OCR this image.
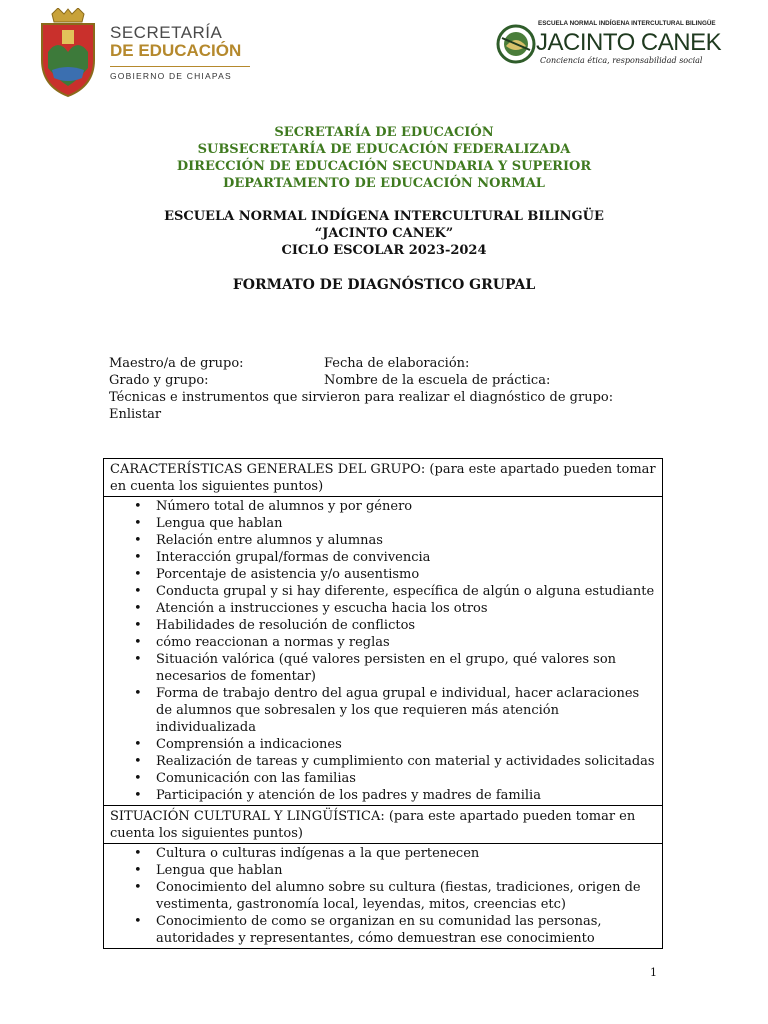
SECRETARÍA
DE EDUCACIÓN
GOBIERNO DE CHIAPAS
ESCUELA NORMAL INDÍGENA INTERCULTURAL BILINGÜE
JACINTO CANEK
Conciencia ética, responsabilidad social
SECRETARÍA DE EDUCACIÓN
SUBSECRETARÍA DE EDUCACIÓN FEDERALIZADA
DIRECCIÓN DE EDUCACIÓN SECUNDARIA Y SUPERIOR
DEPARTAMENTO DE EDUCACIÓN NORMAL
ESCUELA NORMAL INDÍGENA INTERCULTURAL BILINGÜE
“JACINTO CANEK”
CICLO ESCOLAR 2023-2024
FORMATO DE DIAGNÓSTICO GRUPAL
Maestro/a de grupo:	Fecha de elaboración:
Grado y grupo:	Nombre de la escuela de práctica:
Técnicas e instrumentos que sirvieron para realizar el diagnóstico de grupo:
Enlistar
CARACTERÍSTICAS GENERALES DEL GRUPO: (para este apartado pueden tomar en cuenta los siguientes puntos)
• Número total de alumnos y por género
• Lengua que hablan
• Relación entre alumnos y alumnas
• Interacción grupal/formas de convivencia
• Porcentaje de asistencia y/o ausentismo
• Conducta grupal y si hay diferente, específica de algún o alguna estudiante
• Atención a instrucciones y escucha hacia los otros
• Habilidades de resolución de conflictos
• cómo reaccionan a normas y reglas
• Situación valórica (qué valores persisten en el grupo, qué valores son necesarios de fomentar)
• Forma de trabajo dentro del agua grupal e individual, hacer aclaraciones de alumnos que sobresalen y los que requieren más atención individualizada
• Comprensión a indicaciones
• Realización de tareas y cumplimiento con material y actividades solicitadas
• Comunicación con las familias
• Participación y atención de los padres y madres de familia
SITUACIÓN CULTURAL Y LINGÜÍSTICA: (para este apartado pueden tomar en cuenta los siguientes puntos)
• Cultura o culturas indígenas a la que pertenecen
• Lengua que hablan
• Conocimiento del alumno sobre su cultura (fiestas, tradiciones, origen de vestimenta, gastronomía local, leyendas, mitos, creencias etc)
• Conocimiento de como se organizan en su comunidad las personas, autoridades y representantes, cómo demuestran ese conocimiento
1
